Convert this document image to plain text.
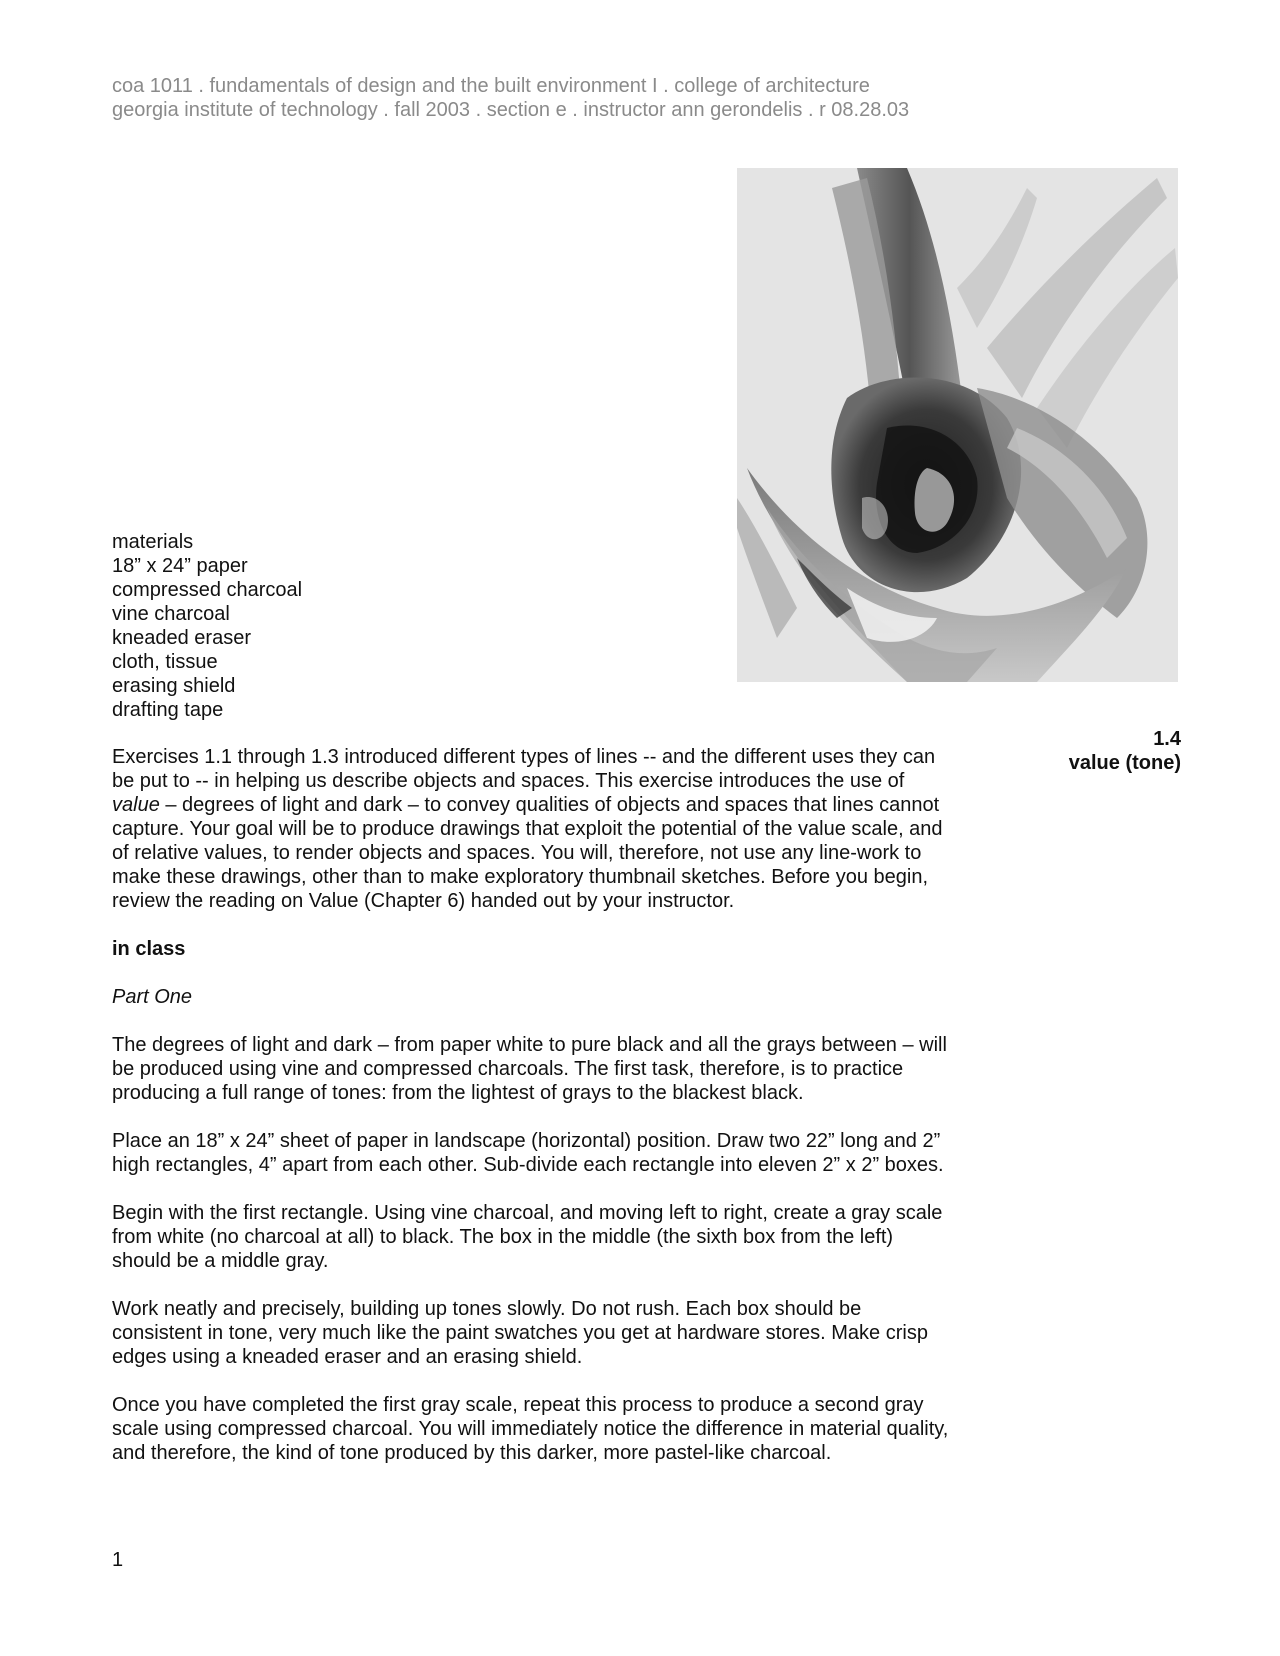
coa 1011 . fundamentals of design and the built environment I . college of architecture
georgia institute of technology . fall 2003 . section e . instructor ann gerondelis . r 08.28.03
materials
18” x 24” paper
compressed charcoal
vine charcoal
kneaded eraser
cloth, tissue
erasing shield
drafting tape
1.4
value (tone)

Exercises 1.1 through 1.3 introduced different types of lines -- and the different uses they can be put to -- in helping us describe objects and spaces. This exercise introduces the use of value – degrees of light and dark – to convey qualities of objects and spaces that lines cannot capture. Your goal will be to produce drawings that exploit the potential of the value scale, and of relative values, to render objects and spaces. You will, therefore, not use any line-work to make these drawings, other than to make exploratory thumbnail sketches. Before you begin, review the reading on Value (Chapter 6) handed out by your instructor.

in class

Part One

The degrees of light and dark – from paper white to pure black and all the grays between – will be produced using vine and compressed charcoals. The first task, therefore, is to practice producing a full range of tones: from the lightest of grays to the blackest black.

Place an 18” x 24” sheet of paper in landscape (horizontal) position. Draw two 22” long and 2” high rectangles, 4” apart from each other. Sub-divide each rectangle into eleven 2” x 2” boxes.

Begin with the first rectangle. Using vine charcoal, and moving left to right, create a gray scale from white (no charcoal at all) to black. The box in the middle (the sixth box from the left) should be a middle gray.

Work neatly and precisely, building up tones slowly. Do not rush. Each box should be consistent in tone, very much like the paint swatches you get at hardware stores. Make crisp edges using a kneaded eraser and an erasing shield.

Once you have completed the first gray scale, repeat this process to produce a second gray scale using compressed charcoal. You will immediately notice the difference in material quality, and therefore, the kind of tone produced by this darker, more pastel-like charcoal.

1
